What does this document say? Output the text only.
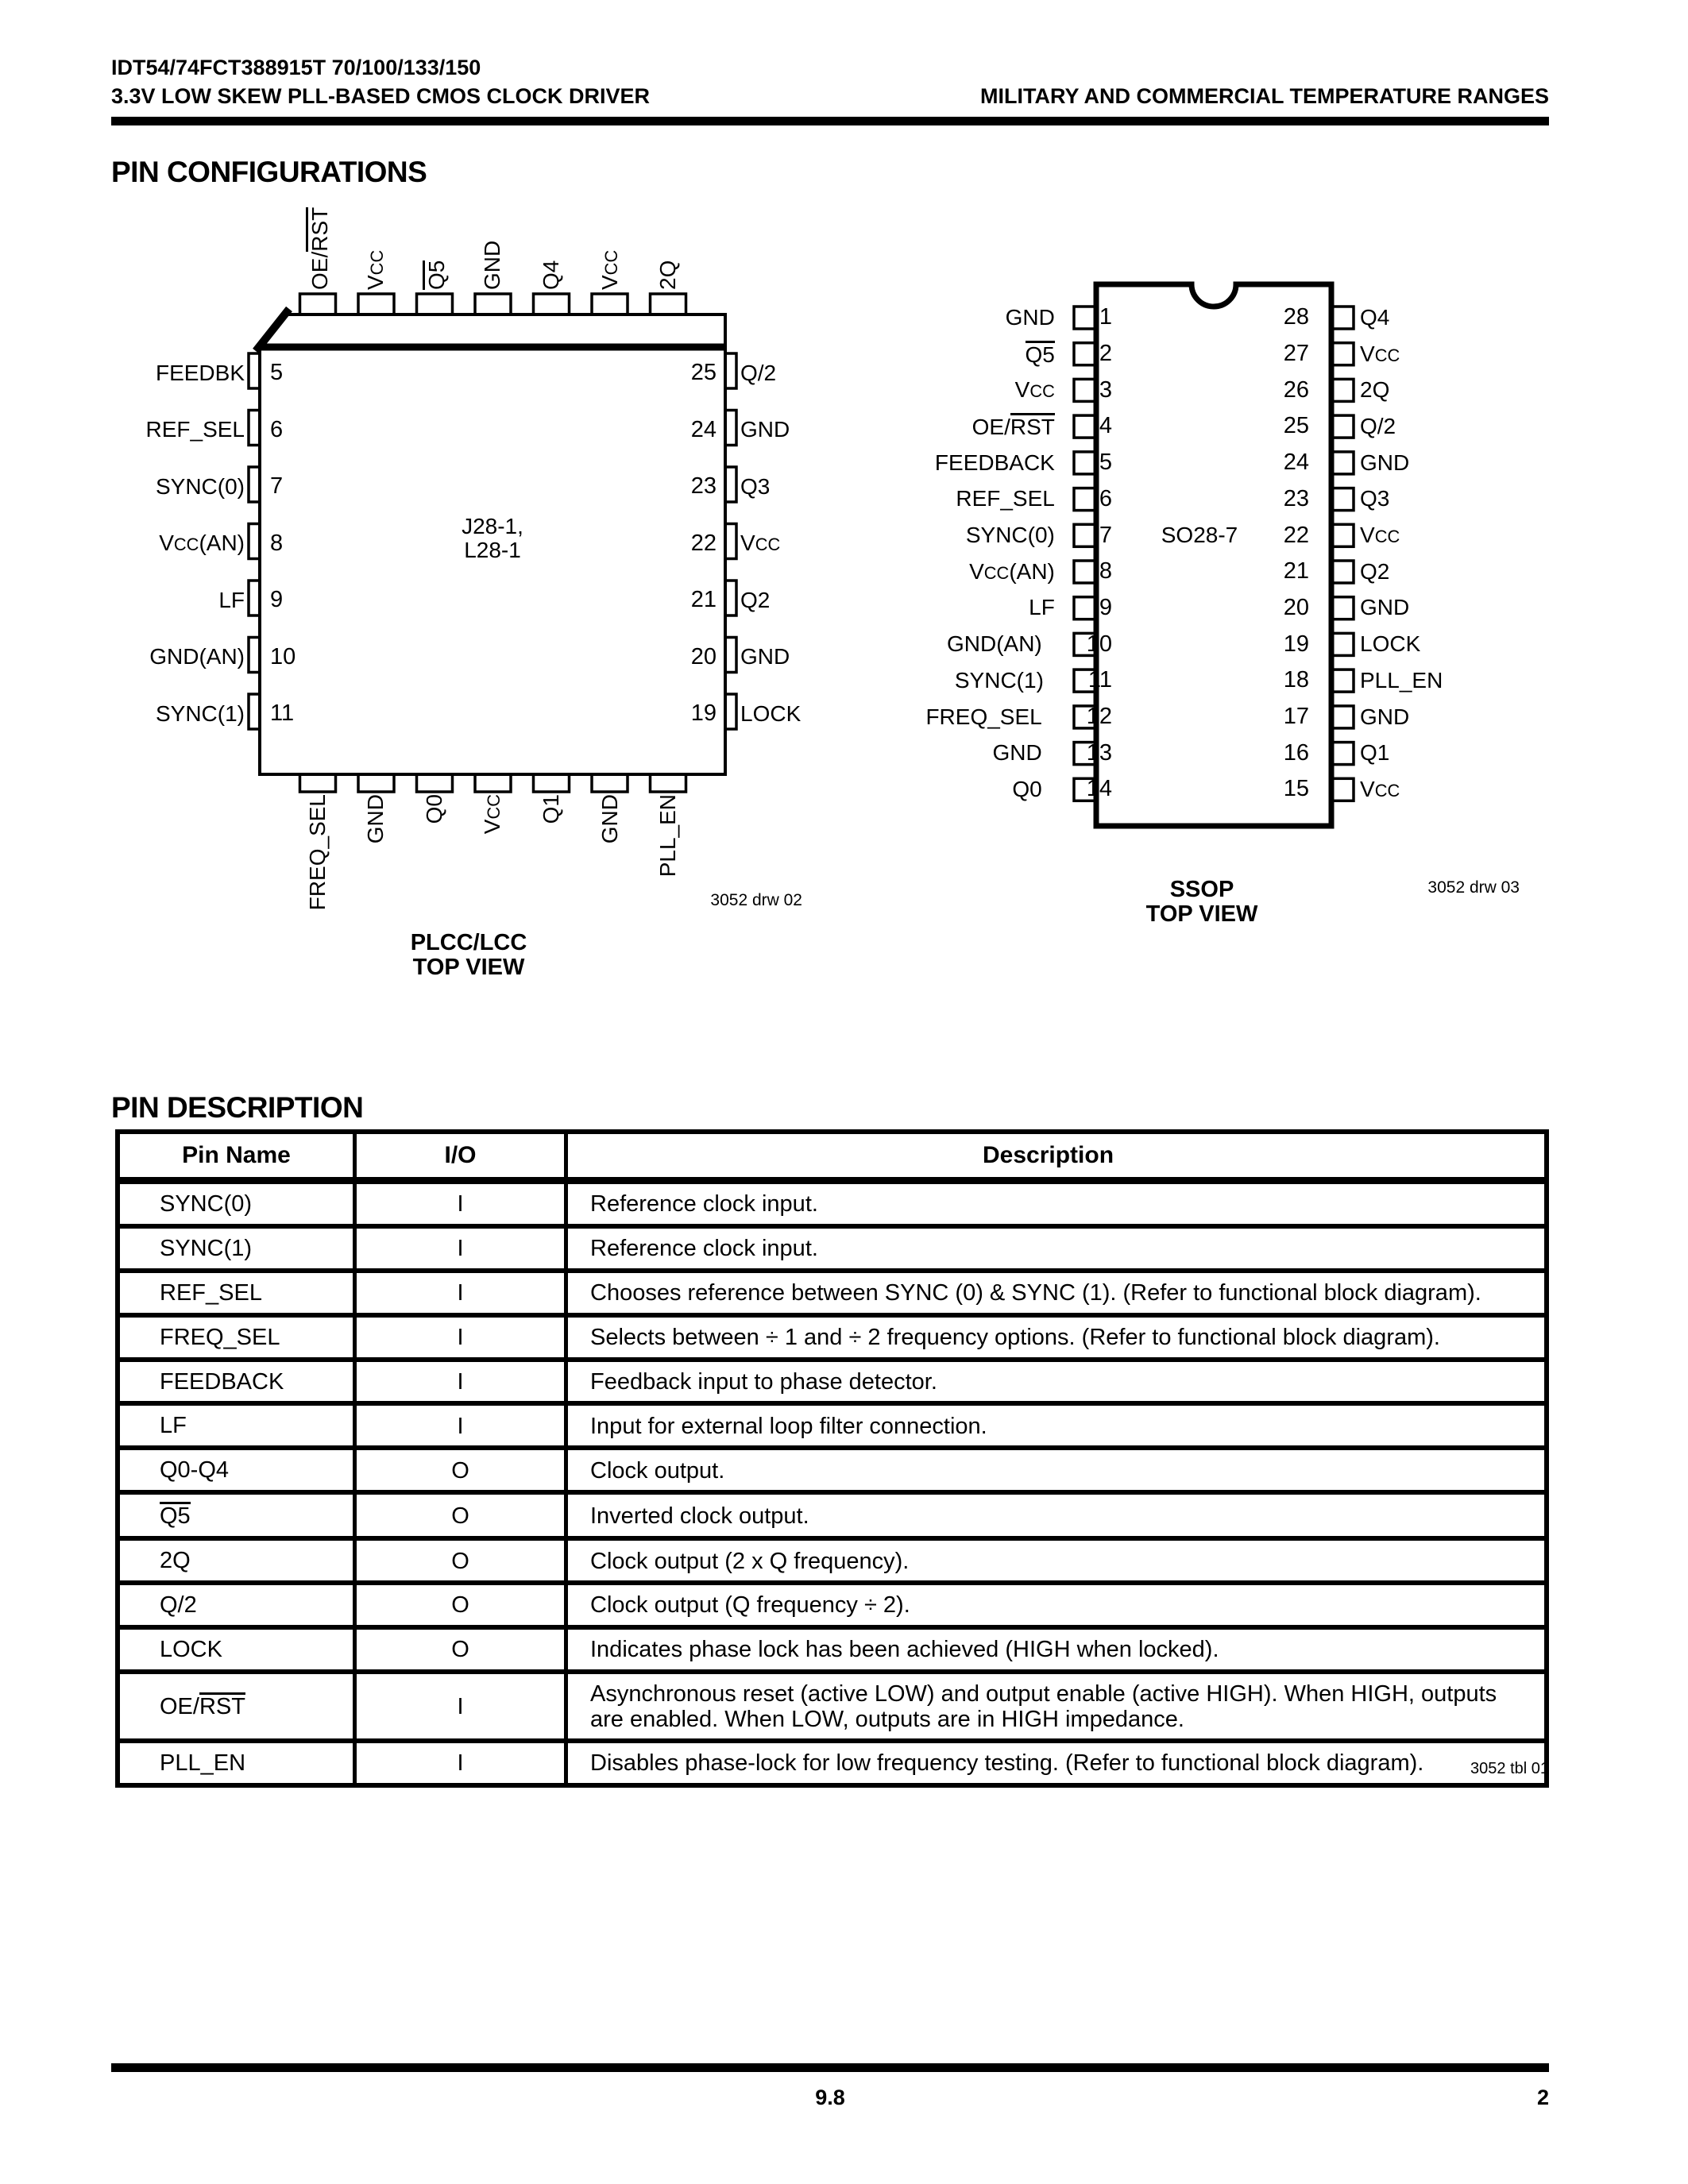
IDT54/74FCT388915T 70/100/133/150
3.3V LOW SKEW PLL-BASED CMOS CLOCK DRIVER	MILITARY AND COMMERCIAL TEMPERATURE RANGES
PIN CONFIGURATIONS
OE/RST
VCC Q5 GND Q4 VCC 2Q
FEEDBK 5
REF_SEL 6
SYNC(0) 7
VCC(AN) 8
LF 9
GND(AN) 10
SYNC(1) 11
25 Q/2
24 GND
23 Q3
22 VCC
21 Q2
20 GND
19 LOCK
FREQ_SEL GND Q0
VCC Q1 GND PLL_EN
J28-1,
L28-1
PLCC/LCC
TOP VIEW
3052 drw 02
GND 1
Q5 2
VCC 3
OE/RST 4
FEEDBACK 5
REF_SEL 6
SYNC(0) 7
VCC(AN) 8
LF 9
GND(AN) 10
SYNC(1) 11
FREQ_SEL 12
GND 13
Q0 14
28 Q4
27 VCC
26 2Q
25 Q/2
24 GND
23 Q3
22 VCC
21 Q2
20 GND
19 LOCK
18 PLL_EN
17 GND
16 Q1
15 VCC
SO28-7
SSOP
TOP VIEW
3052 drw 03
PIN DESCRIPTION
Pin Name	I/O	Description
SYNC(0)	I	Reference clock input.
SYNC(1)	I	Reference clock input.
REF_SEL	I	Chooses reference between SYNC (0) & SYNC (1). (Refer to functional block diagram).
FREQ_SEL	I	Selects between ÷ 1 and ÷ 2 frequency options. (Refer to functional block diagram).
FEEDBACK	I	Feedback input to phase detector.
LF	I	Input for external loop filter connection.
Q0-Q4	O	Clock output.
Q5	O	Inverted clock output.
2Q	O	Clock output (2 x Q frequency).
Q/2	O	Clock output (Q frequency ÷ 2).
LOCK	O	Indicates phase lock has been achieved (HIGH when locked).
OE/RST	I	Asynchronous reset (active LOW) and output enable (active HIGH). When HIGH, outputs are enabled. When LOW, outputs are in HIGH impedance.
PLL_EN	I	Disables phase-lock for low frequency testing. (Refer to functional block diagram).	3052 tbl 01
9.8	2
